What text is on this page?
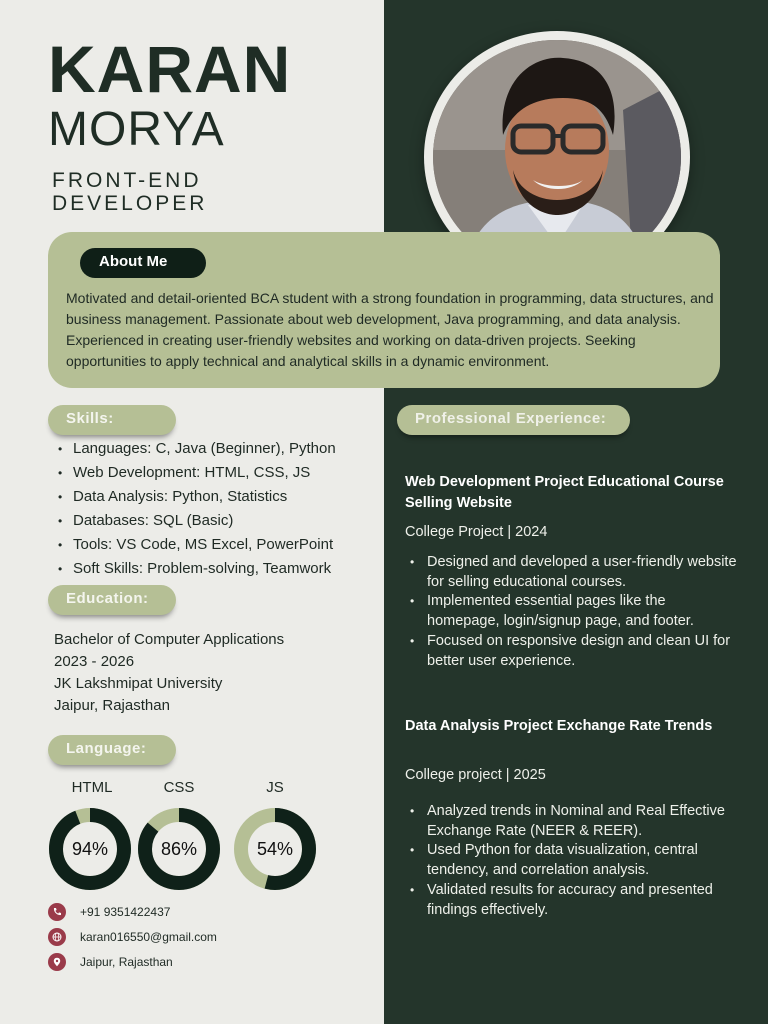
KARAN
MORYA
FRONT-END DEVELOPER
About Me
Motivated and detail-oriented BCA student with a strong foundation in programming, data structures, and business management. Passionate about web development, Java programming, and data analysis. Experienced in creating user-friendly websites and working on data-driven projects. Seeking opportunities to apply technical and analytical skills in a dynamic environment.
Skills:
• Languages: C, Java (Beginner), Python
• Web Development: HTML, CSS, JS
• Data Analysis: Python, Statistics
• Databases: SQL (Basic)
• Tools: VS Code, MS Excel, PowerPoint
• Soft Skills: Problem-solving, Teamwork
Education:
Bachelor of Computer Applications
2023 - 2026
JK Lakshmipat University
Jaipur, Rajasthan
Language:
HTML	CSS	JS
94%	86%	54%
+91 9351422437
karan016550@gmail.com
Jaipur, Rajasthan
Professional Experience:
Web Development Project Educational Course Selling Website
College Project | 2024
• Designed and developed a user-friendly website for selling educational courses.
• Implemented essential pages like the homepage, login/signup page, and footer.
• Focused on responsive design and clean UI for better user experience.
Data Analysis Project Exchange Rate Trends
College project | 2025
• Analyzed trends in Nominal and Real Effective Exchange Rate (NEER & REER).
• Used Python for data visualization, central tendency, and correlation analysis.
• Validated results for accuracy and presented findings effectively.
